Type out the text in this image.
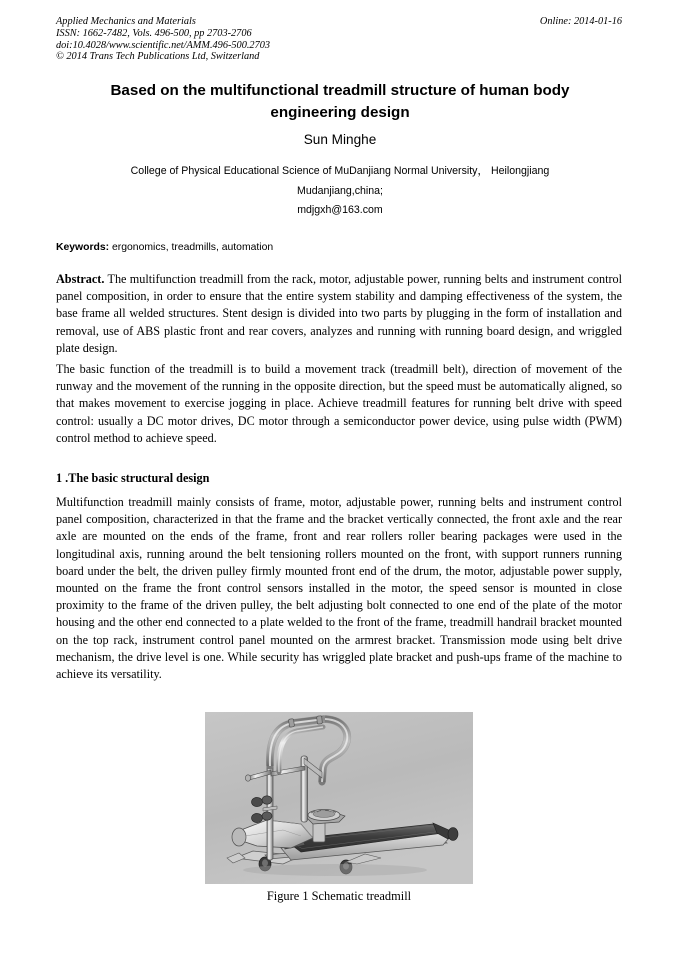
Applied Mechanics and Materials	Online: 2014-01-16
ISSN: 1662-7482, Vols. 496-500, pp 2703-2706
doi:10.4028/www.scientific.net/AMM.496-500.2703
© 2014 Trans Tech Publications Ltd, Switzerland
Based on the multifunctional treadmill structure of human body engineering design
Sun Minghe
College of Physical Educational Science of MuDanjiang Normal University， Heilongjiang
Mudanjiang,china;
mdjgxh@163.com
Keywords: ergonomics, treadmills, automation
Abstract. The multifunction treadmill from the rack, motor, adjustable power, running belts and instrument control panel composition, in order to ensure that the entire system stability and damping effectiveness of the system, the base frame all welded structures. Stent design is divided into two parts by plugging in the form of installation and removal, use of ABS plastic front and rear covers, analyzes and running with running board design, and wriggled plate design.
The basic function of the treadmill is to build a movement track (treadmill belt), direction of movement of the runway and the movement of the running in the opposite direction, but the speed must be automatically aligned, so that makes movement to exercise jogging in place. Achieve treadmill features for running belt drive with speed control: usually a DC motor drives, DC motor through a semiconductor power device, using pulse width (PWM) control method to achieve speed.
1 .The basic structural design
Multifunction treadmill mainly consists of frame, motor, adjustable power, running belts and instrument control panel composition, characterized in that the frame and the bracket vertically connected, the front axle and the rear axle are mounted on the ends of the frame, front and rear rollers roller bearing packages were used in the longitudinal axis, running around the belt tensioning rollers mounted on the front, with support runners running board under the belt, the driven pulley firmly mounted front end of the drum, the motor, adjustable power supply, mounted on the frame the front control sensors installed in the motor, the speed sensor is mounted in close proximity to the frame of the driven pulley, the belt adjusting bolt connected to one end of the plate of the motor housing and the other end connected to a plate welded to the front of the frame, treadmill handrail bracket mounted on the top rack, instrument control panel mounted on the armrest bracket. Transmission mode using belt drive mechanism, the drive level is one. While security has wriggled plate bracket and push-ups frame of the machine to achieve its versatility.
Figure 1 Schematic treadmill
